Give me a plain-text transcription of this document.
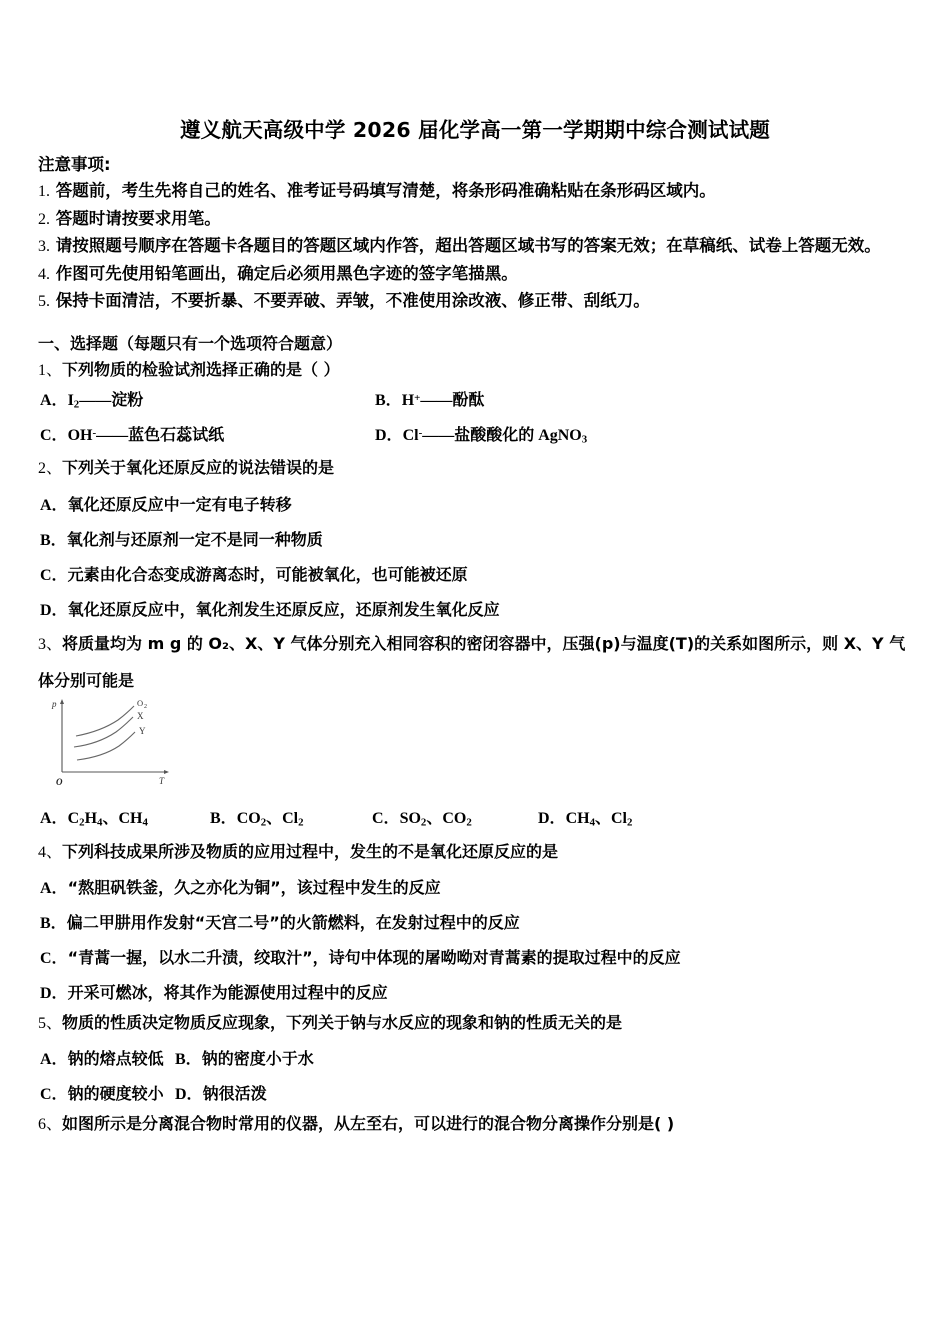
遵义航天高级中学 2026 届化学高一第一学期期中综合测试试题
注意事项:
1. 答题前，考生先将自己的姓名、准考证号码填写清楚，将条形码准确粘贴在条形码区域内。
2. 答题时请按要求用笔。
3. 请按照题号顺序在答题卡各题目的答题区域内作答，超出答题区域书写的答案无效；在草稿纸、试卷上答题无效。
4. 作图可先使用铅笔画出，确定后必须用黑色字迹的签字笔描黑。
5. 保持卡面清洁，不要折暴、不要弄破、弄皱，不准使用涂改液、修正带、刮纸刀。
一、选择题（每题只有一个选项符合题意）
1、下列物质的检验试剂选择正确的是（ ）
A．$I_2——$淀粉	B．H+——酚酞
C．OH-——蓝色石蕊试纸	D．Cl-——盐酸酸化的 AgNO$_3$
2、下列关于氧化还原反应的说法错误的是
A．氧化还原反应中一定有电子转移
B．氧化剂与还原剂一定不是同一种物质
C．元素由化合态变成游离态时，可能被氧化，也可能被还原
D．氧化还原反应中，氧化剂发生还原反应，还原剂发生氧化反应
3、将质量均为 m g 的 O₂、X、Y 气体分别充入相同容积的密闭容器中，压强(p)与温度(T)的关系如图所示，则 X、Y 气
体分别可能是
p
T
O
O 2
X
Y
A．$C_2H_4$、$CH_4$	B．$CO_2$、$Cl_2$	C．$SO_2$、$CO_2$	D．$CH_4$、$Cl_2$
4、下列科技成果所涉及物质的应用过程中，发生的不是氧化还原反应的是
A．“熬胆矾铁釜，久之亦化为铜”，该过程中发生的反应
B．偏二甲肼用作发射“天宫二号”的火箭燃料，在发射过程中的反应
C．“青蒿一握，以水二升渍，绞取汁”，诗句中体现的屠呦呦对青蒿素的提取过程中的反应
D．开采可燃冰，将其作为能源使用过程中的反应
5、物质的性质决定物质反应现象，下列关于钠与水反应的现象和钠的性质无关的是
A．钠的熔点较低 B．钠的密度小于水
C．钠的硬度较小 D．钠很活泼
6、如图所示是分离混合物时常用的仪器，从左至右，可以进行的混合物分离操作分别是( )
